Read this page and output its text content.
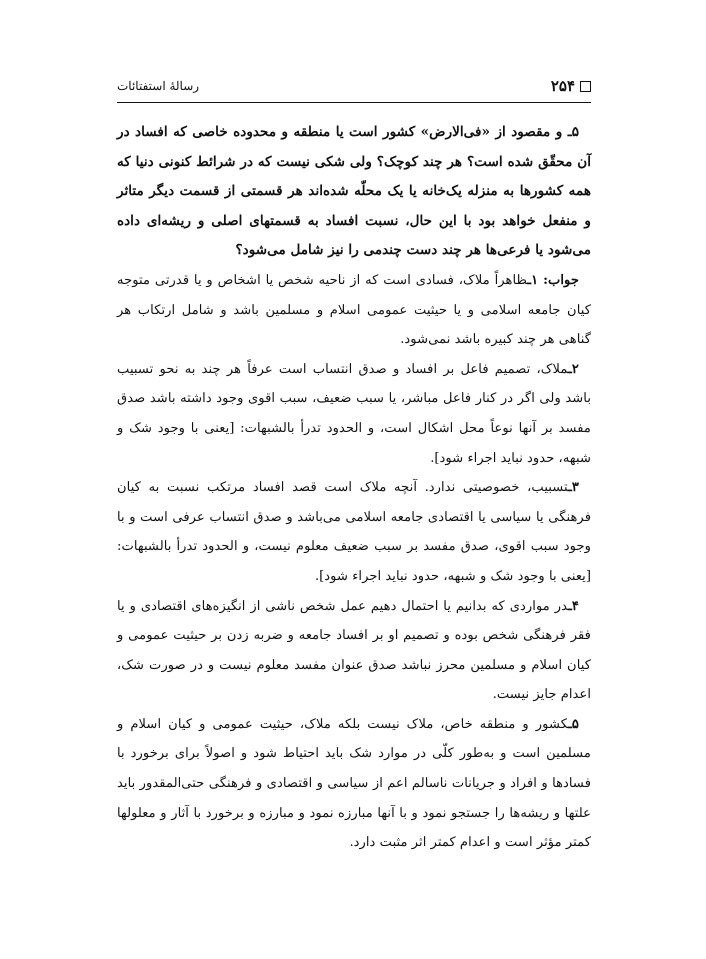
۲۵۴
رسالۀ استفتائات

۵ـ و مقصود از «فی‌الارض» کشور است یا منطقه و محدوده خاصی که افساد در آن محقّق شده است؟ هر چند کوچک؟ ولی شکی نیست که در شرائط کنونی دنیا که همه کشورها به منزله یک‌خانه یا یک محلّه شده‌اند هر قسمتی از قسمت دیگر متاثر و منفعل خواهد بود با این حال، نسبت افساد به قسمتهای اصلی و ریشه‌ای داده می‌شود یا فرعی‌ها هر چند دست چندمی را نیز شامل می‌شود؟

جواب: ۱ـظاهراً ملاک، فسادی است که از ناحیه شخص یا اشخاص و یا قدرتی متوجه کیان جامعه اسلامی و یا حیثیت عمومی اسلام و مسلمین باشد و شامل ارتکاب هر گناهی هر چند کبیره باشد نمی‌شود.

۲ـملاک، تصمیم فاعل بر افساد و صدق انتساب است عرفاً هر چند به نحو تسبیب باشد ولی اگر در کنار فاعل مباشر، یا سبب ضعیف، سبب اقوی وجود داشته باشد صدق مفسد بر آنها نوعاً محل اشکال است، و الحدود تدرأ بالشبهات: [یعنی با وجود شک و شبهه، حدود نباید اجراء شود].

۳ـتسبیب، خصوصیتی ندارد. آنچه ملاک است قصد افساد مرتکب نسبت به کیان فرهنگی یا سیاسی یا اقتصادی جامعه اسلامی می‌باشد و صدق انتساب عرفی است و با وجود سبب اقوی، صدق مفسد بر سبب ضعیف معلوم نیست، و الحدود تدرأ بالشبهات: [یعنی با وجود شک و شبهه، حدود نباید اجراء شود].

۴ـدر مواردی که بدانیم یا احتمال دهیم عمل شخص ناشی از انگیزه‌های اقتصادی و یا فقر فرهنگی شخص بوده و تصمیم او بر افساد جامعه و ضربه زدن بر حیثیت عمومی و کیان اسلام و مسلمین محرز نباشد صدق عنوان مفسد معلوم نیست و در صورت شک، اعدام جایز نیست.

۵ـکشور و منطقه خاص، ملاک نیست بلکه ملاک، حیثیت عمومی و کیان اسلام و مسلمین است و به‌طور کلّی در موارد شک باید احتیاط شود و اصولاً برای برخورد با فسادها و افراد و جریانات ناسالم اعم از سیاسی و اقتصادی و فرهنگی حتی‌المقدور باید علتها و ریشه‌ها را جستجو نمود و با آنها مبارزه نمود و مبارزه و برخورد با آثار و معلولها کمتر مؤثر است و اعدام کمتر اثر مثبت دارد.
